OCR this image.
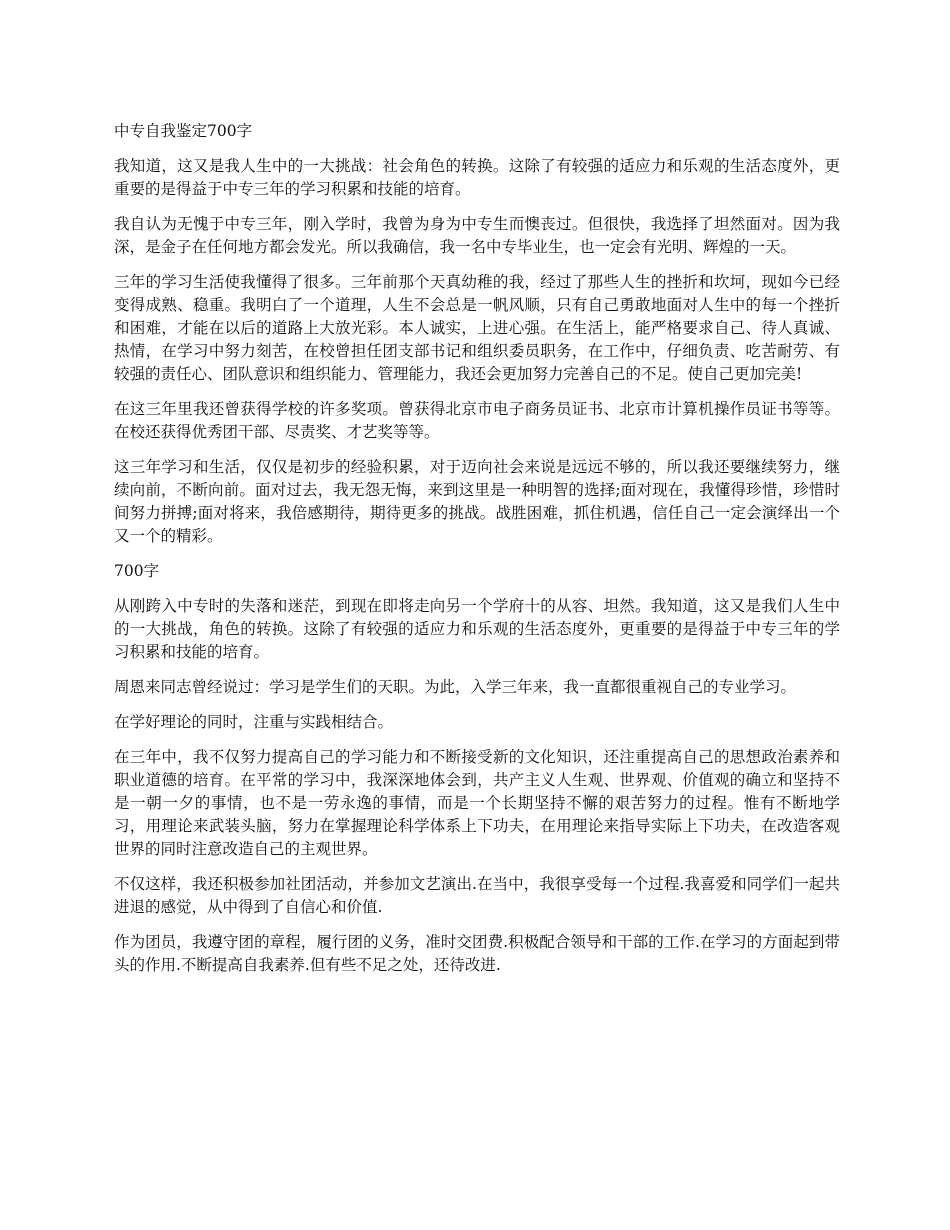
中专自我鉴定700字

我知道，这又是我人生中的一大挑战：社会角色的转换。这除了有较强的适应力和乐观的生活态度外，更重要的是得益于中专三年的学习积累和技能的培育。

我自认为无愧于中专三年，刚入学时，我曾为身为中专生而懊丧过。但很快，我选择了坦然面对。因为我深，是金子在任何地方都会发光。所以我确信，我一名中专毕业生，也一定会有光明、辉煌的一天。

三年的学习生活使我懂得了很多。三年前那个天真幼稚的我，经过了那些人生的挫折和坎坷，现如今已经变得成熟、稳重。我明白了一个道理，人生不会总是一帆风顺，只有自己勇敢地面对人生中的每一个挫折和困难，才能在以后的道路上大放光彩。本人诚实，上进心强。在生活上，能严格要求自己、待人真诚、热情，在学习中努力刻苦，在校曾担任团支部书记和组织委员职务，在工作中，仔细负责、吃苦耐劳、有较强的责任心、团队意识和组织能力、管理能力，我还会更加努力完善自己的不足。使自己更加完美!

在这三年里我还曾获得学校的许多奖项。曾获得北京市电子商务员证书、北京市计算机操作员证书等等。在校还获得优秀团干部、尽责奖、才艺奖等等。

这三年学习和生活，仅仅是初步的经验积累，对于迈向社会来说是远远不够的，所以我还要继续努力，继续向前，不断向前。面对过去，我无怨无悔，来到这里是一种明智的选择;面对现在，我懂得珍惜，珍惜时间努力拼搏;面对将来，我倍感期待，期待更多的挑战。战胜困难，抓住机遇，信任自己一定会演绎出一个又一个的精彩。

700字

从刚跨入中专时的失落和迷茫，到现在即将走向另一个学府十的从容、坦然。我知道，这又是我们人生中的一大挑战，角色的转换。这除了有较强的适应力和乐观的生活态度外，更重要的是得益于中专三年的学习积累和技能的培育。

周恩来同志曾经说过：学习是学生们的天职。为此，入学三年来，我一直都很重视自己的专业学习。

在学好理论的同时，注重与实践相结合。

在三年中，我不仅努力提高自己的学习能力和不断接受新的文化知识，还注重提高自己的思想政治素养和职业道德的培育。在平常的学习中，我深深地体会到，共产主义人生观、世界观、价值观的确立和坚持不是一朝一夕的事情，也不是一劳永逸的事情，而是一个长期坚持不懈的艰苦努力的过程。惟有不断地学习，用理论来武装头脑，努力在掌握理论科学体系上下功夫，在用理论来指导实际上下功夫，在改造客观世界的同时注意改造自己的主观世界。

不仅这样，我还积极参加社团活动，并参加文艺演出.在当中，我很享受每一个过程.我喜爱和同学们一起共进退的感觉，从中得到了自信心和价值.

作为团员，我遵守团的章程，履行团的义务，准时交团费.积极配合领导和干部的工作.在学习的方面起到带头的作用.不断提高自我素养.但有些不足之处，还待改进.
